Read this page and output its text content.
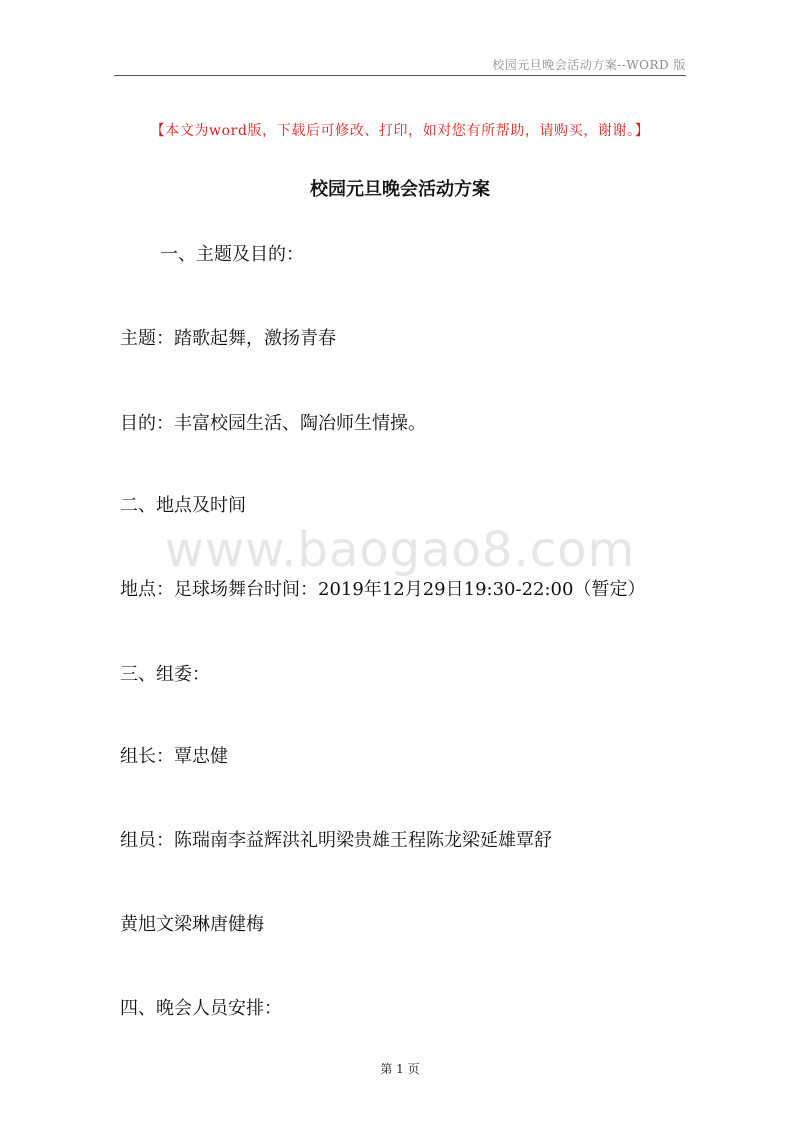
校园元旦晚会活动方案--WORD 版
【本文为word版，下载后可修改、打印，如对您有所帮助，请购买，谢谢。】
校园元旦晚会活动方案
一、主题及目的：
主题：踏歌起舞，激扬青春
目的：丰富校园生活、陶冶师生情操。
二、地点及时间
www.baogao8.com
地点：足球场舞台时间：2019年12月29日19:30-22:00（暂定）
三、组委：
组长：覃忠健
组员：陈瑞南李益辉洪礼明梁贵雄王程陈龙梁延雄覃舒
黄旭文梁琳唐健梅
四、晚会人员安排：
第 1 页
